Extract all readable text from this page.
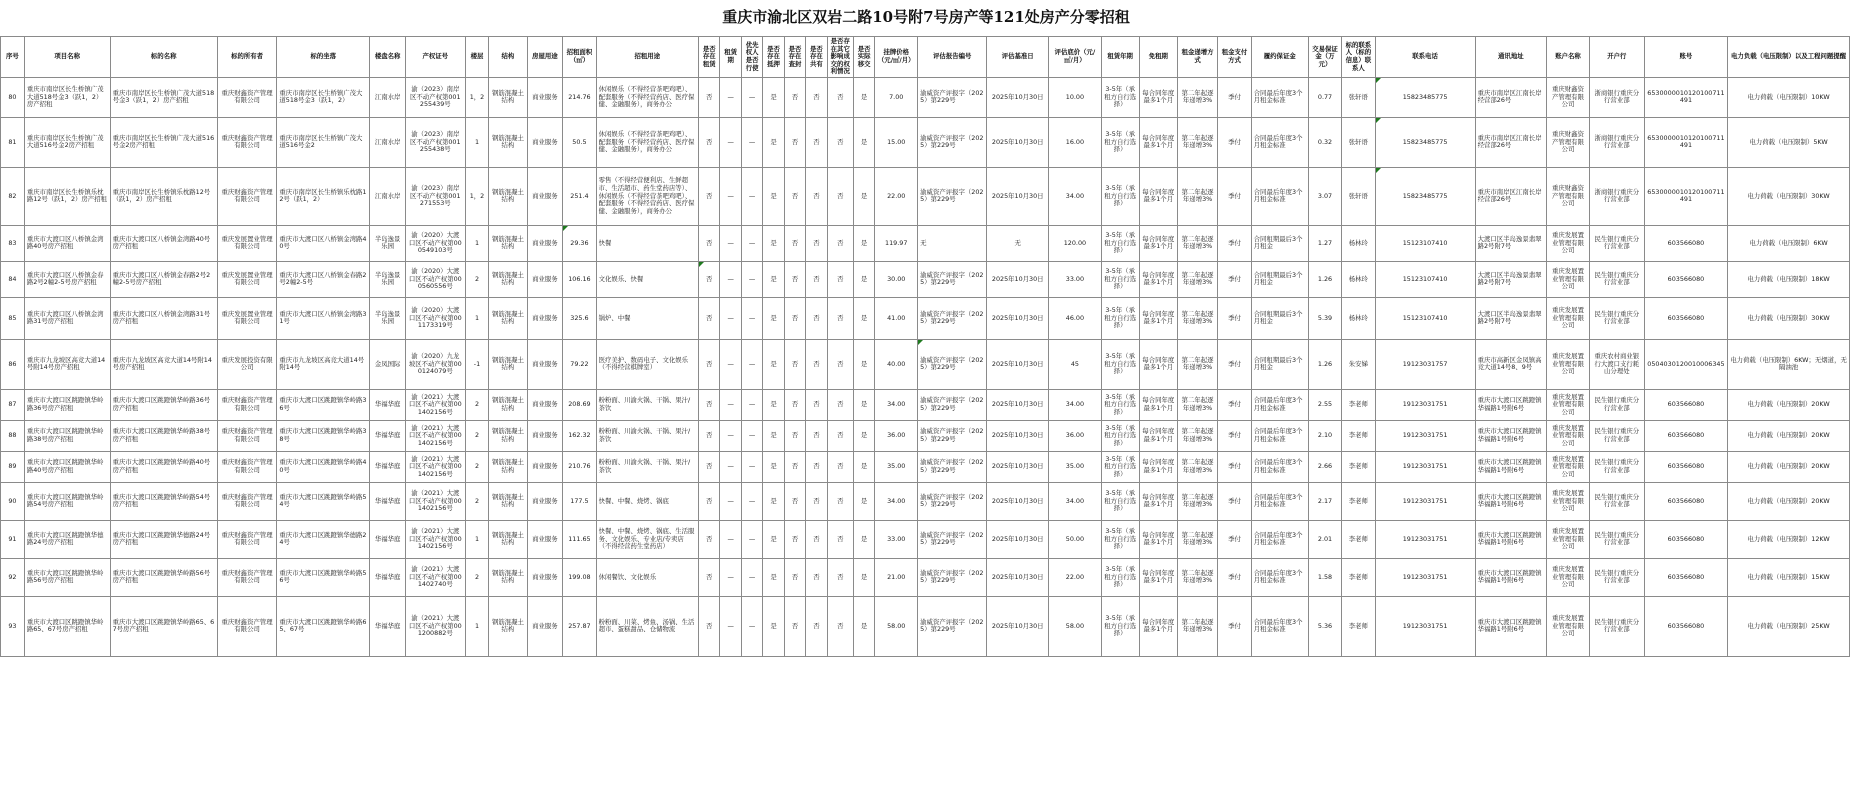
重庆市渝北区双岩二路10号附7号房产等121处房产分零招租
序号	项目名称	标的名称	标的所有者	标的坐落	楼盘名称	产权证号	楼层	结构	房屋用途	招租面积（㎡）	招租用途	是否存在租赁	租赁期	优先权人是否行使	是否存在抵押	是否存在查封	是否存在共有	是否存在其它影响成交的权利情况	是否实际移交	挂牌价格（元/㎡/月）	评估报告编号	评估基准日	评估底价（元/㎡/月）	租赁年期	免租期	租金递增方式	租金支付方式	履约保证金	交易保证金（万元）	标的联系人（标的信息）联系人	联系电话	通讯地址	账户名称	开户行	账号	电力负载（电压限制）以及工程问题提醒
80	重庆市南岸区长生桥镇广茂大道518号金3（跃1，2）房产招租	重庆市南岸区长生桥镇广茂大道518号金3（跃1，2）房产招租	重庆财鑫资产管理有限公司	重庆市南岸区长生桥镇广茂大道518号金3（跃1，2）	江南水岸	渝（2023）南岸区不动产权第001255439号	1，2	钢筋混凝土结构	商业服务	214.76	休闲娱乐（不得经营茶吧鸡吧）、配套服务（不得经营药店、医疗保健、金融服务），商务办公	否	—	—	是	否	否	否	是	7.00	渝威资产评报字（2025）第229号	2025年10月30日	10.00	3-5年（承租方自行选择）	每合同年度最多1个月	第二年起逐年递增3%	季付	合同最后年度3个月租金标准	0.77	张轩语	15823485775	重庆市南岸区江南长岸经营部26号	重庆财鑫资产管理有限公司	浙商银行重庆分行营业部	6530000010120100711491	电力荷载（电压限制）10KW
81	重庆市南岸区长生桥镇广茂大道516号金2房产招租	重庆市南岸区长生桥镇广茂大道516号金2房产招租	重庆财鑫资产管理有限公司	重庆市南岸区长生桥镇广茂大道516号金2	江南水岸	渝（2023）南岸区不动产权第001255438号	1	钢筋混凝土结构	商业服务	50.5	休闲娱乐（不得经营茶吧鸡吧）、配套服务（不得经营药店、医疗保健、金融服务），商务办公	否	—	—	是	否	否	否	是	15.00	渝威资产评报字（2025）第229号	2025年10月30日	16.00	3-5年（承租方自行选择）	每合同年度最多1个月	第二年起逐年递增3%	季付	合同最后年度3个月租金标准	0.32	张轩语	15823485775	重庆市南岸区江南长岸经营部26号	重庆财鑫资产管理有限公司	浙商银行重庆分行营业部	6530000010120100711491	电力荷载（电压限制）5KW
82	重庆市南岸区长生桥镇乐枕路12号（跃1，2）房产招租	重庆市南岸区长生桥镇乐枕路12号（跃1，2）房产招租	重庆财鑫资产管理有限公司	重庆市南岸区长生桥镇乐枕路12号（跃1，2）	江南水岸	渝（2023）南岸区不动产权第001271553号	1，2	钢筋混凝土结构	商业服务	251.4	零售（不得经营便利店、生鲜超市、生活超市、药生堂药店等）、休闲娱乐（不得经营茶吧鸡吧）、配套服务（不得经营药店、医疗保健、金融服务），商务办公	否	—	—	是	否	否	否	是	22.00	渝威资产评报字（2025）第229号	2025年10月30日	34.00	3-5年（承租方自行选择）	每合同年度最多1个月	第二年起逐年递增3%	季付	合同最后年度3个月租金标准	3.07	张轩语	15823485775	重庆市南岸区江南长岸经营部26号	重庆财鑫资产管理有限公司	浙商银行重庆分行营业部	6530000010120100711491	电力荷载（电压限制）30KW
83	重庆市大渡口区八桥镇金湾路40号房产招租	重庆市大渡口区八桥镇金湾路40号房产招租	重庆发展置业管理有限公司	重庆市大渡口区八桥镇金湾路40号	半岛逸景乐园	渝（2020）大渡口区不动产权第000549103号	1	钢筋混凝土结构	商业服务	29.36	快餐	否	—	—	是	否	否	否	是	119.97	无	无	120.00	3-5年（承租方自行选择）	每合同年度最多1个月	第二年起逐年递增3%	季付	合同租期最后3个月租金	1.27	杨林玲	15123107410	大渡口区半岛逸景翡翠路2号附7号	重庆发展置业管理有限公司	民生银行重庆分行营业部	603566080	电力荷载（电压限制）6KW
84	重庆市大渡口区八桥镇金春路2号2幢2-5号房产招租	重庆市大渡口区八桥镇金春路2号2幢2-5号房产招租	重庆发展置业管理有限公司	重庆市大渡口区八桥镇金春路2号2幢2-5号	半岛逸景乐园	渝（2020）大渡口区不动产权第000560556号	2	钢筋混凝土结构	商业服务	106.16	文化娱乐、快餐	否	—	—	是	否	否	否	是	30.00	渝威资产评报字（2025）第229号	2025年10月30日	33.00	3-5年（承租方自行选择）	每合同年度最多1个月	第二年起逐年递增3%	季付	合同租期最后3个月租金	1.26	杨林玲	15123107410	大渡口区半岛逸景翡翠路2号附7号	重庆发展置业管理有限公司	民生银行重庆分行营业部	603566080	电力荷载（电压限制）18KW
85	重庆市大渡口区八桥镇金湾路31号房产招租	重庆市大渡口区八桥镇金湾路31号房产招租	重庆发展置业管理有限公司	重庆市大渡口区八桥镇金湾路31号	半岛逸景乐园	渝（2020）大渡口区不动产权第001173319号	1	钢筋混凝土结构	商业服务	325.6	锅炉、中餐	否	—	—	是	否	否	否	是	41.00	渝威资产评报字（2025）第229号	2025年10月30日	46.00	3-5年（承租方自行选择）	每合同年度最多1个月	第二年起逐年递增3%	季付	合同租期最后3个月租金	5.39	杨林玲	15123107410	大渡口区半岛逸景翡翠路2号附7号	重庆发展置业管理有限公司	民生银行重庆分行营业部	603566080	电力荷载（电压限制）30KW
86	重庆市九龙坡区高竞大道14号附14号房产招租	重庆市九龙坡区高竞大道14号附14号房产招租	重庆发展投资有限公司	重庆市九龙坡区高竞大道14号附14号	金凤国际	渝（2020）九龙坡区不动产权第000124079号	-1	钢筋混凝土结构	商业服务	79.22	医疗美护、数码电子、文化娱乐（不得经营棋牌室）	否	—	—	是	否	否	否	是	40.00	渝威资产评报字（2025）第229号	2025年10月30日	45	3-5年（承租方自行选择）	每合同年度最多1个月	第二年起逐年递增3%	季付	合同租期最后3个月租金	1.26	朱安娣	19123031757	重庆市高新区金凤镇高竞大道14号8、9号	重庆发展置业管理有限公司	重庆农村商业银行大渡口支行耗山分理处	0504030120010006345	电力荷载（电压限制）6KW；无烟道，无隔油池
87	重庆市大渡口区跳蹬镇华岭路36号房产招租	重庆市大渡口区跳蹬镇华岭路36号房产招租	重庆财鑫资产管理有限公司	重庆市大渡口区跳蹬镇华岭路36号	华福华庭	渝（2021）大渡口区不动产权第001402156号	2	钢筋混凝土结构	商业服务	208.69	粉粉面、川渝火锅、干锅、果汁/茶饮	否	—	—	是	否	否	否	是	34.00	渝威资产评报字（2025）第229号	2025年10月30日	34.00	3-5年（承租方自行选择）	每合同年度最多1个月	第二年起逐年递增3%	季付	合同最后年度3个月租金标准	2.55	李老师	19123031751	重庆市大渡口区跳蹬镇华福路1号附6号	重庆发展置业管理有限公司	民生银行重庆分行营业部	603566080	电力荷载（电压限制）20KW
88	重庆市大渡口区跳蹬镇华岭路38号房产招租	重庆市大渡口区跳蹬镇华岭路38号房产招租	重庆财鑫资产管理有限公司	重庆市大渡口区跳蹬镇华岭路38号	华福华庭	渝（2021）大渡口区不动产权第001402156号	2	钢筋混凝土结构	商业服务	162.32	粉粉面、川渝火锅、干锅、果汁/茶饮	否	—	—	是	否	否	否	是	36.00	渝威资产评报字（2025）第229号	2025年10月30日	36.00	3-5年（承租方自行选择）	每合同年度最多1个月	第二年起逐年递增3%	季付	合同最后年度3个月租金标准	2.10	李老师	19123031751	重庆市大渡口区跳蹬镇华福路1号附6号	重庆发展置业管理有限公司	民生银行重庆分行营业部	603566080	电力荷载（电压限制）20KW
89	重庆市大渡口区跳蹬镇华岭路40号房产招租	重庆市大渡口区跳蹬镇华岭路40号房产招租	重庆财鑫资产管理有限公司	重庆市大渡口区跳蹬镇华岭路40号	华福华庭	渝（2021）大渡口区不动产权第001402156号	2	钢筋混凝土结构	商业服务	210.76	粉粉面、川渝火锅、干锅、果汁/茶饮	否	—	—	是	否	否	否	是	35.00	渝威资产评报字（2025）第229号	2025年10月30日	35.00	3-5年（承租方自行选择）	每合同年度最多1个月	第二年起逐年递增3%	季付	合同最后年度3个月租金标准	2.66	李老师	19123031751	重庆市大渡口区跳蹬镇华福路1号附6号	重庆发展置业管理有限公司	民生银行重庆分行营业部	603566080	电力荷载（电压限制）20KW
90	重庆市大渡口区跳蹬镇华岭路54号房产招租	重庆市大渡口区跳蹬镇华岭路54号房产招租	重庆财鑫资产管理有限公司	重庆市大渡口区跳蹬镇华岭路54号	华福华庭	渝（2021）大渡口区不动产权第001402156号	2	钢筋混凝土结构	商业服务	177.5	快餐、中餐、烧烤、锅底	否	—	—	是	否	否	否	是	34.00	渝威资产评报字（2025）第229号	2025年10月30日	34.00	3-5年（承租方自行选择）	每合同年度最多1个月	第二年起逐年递增3%	季付	合同最后年度3个月租金标准	2.17	李老师	19123031751	重庆市大渡口区跳蹬镇华福路1号附6号	重庆发展置业管理有限公司	民生银行重庆分行营业部	603566080	电力荷载（电压限制）20KW
91	重庆市大渡口区跳蹬镇华德路24号房产招租	重庆市大渡口区跳蹬镇华德路24号房产招租	重庆财鑫资产管理有限公司	重庆市大渡口区跳蹬镇华德路24号	华福华庭	渝（2021）大渡口区不动产权第001402156号	1	钢筋混凝土结构	商业服务	111.65	快餐、中餐、烧烤、锅底、生活服务、文化娱乐、专业店/专卖店（不得经营药生堂药店）	否	—	—	是	否	否	否	是	33.00	渝威资产评报字（2025）第229号	2025年10月30日	50.00	3-5年（承租方自行选择）	每合同年度最多1个月	第二年起逐年递增3%	季付	合同最后年度3个月租金标准	2.01	李老师	19123031751	重庆市大渡口区跳蹬镇华福路1号附6号	重庆发展置业管理有限公司	民生银行重庆分行营业部	603566080	电力荷载（电压限制）12KW
92	重庆市大渡口区跳蹬镇华岭路56号房产招租	重庆市大渡口区跳蹬镇华岭路56号房产招租	重庆财鑫资产管理有限公司	重庆市大渡口区跳蹬镇华岭路56号	华福华庭	渝（2021）大渡口区不动产权第001402740号	2	钢筋混凝土结构	商业服务	199.08	休闲餐饮、文化娱乐	否	—	—	是	否	否	否	是	21.00	渝威资产评报字（2025）第229号	2025年10月30日	22.00	3-5年（承租方自行选择）	每合同年度最多1个月	第二年起逐年递增3%	季付	合同最后年度3个月租金标准	1.58	李老师	19123031751	重庆市大渡口区跳蹬镇华福路1号附6号	重庆发展置业管理有限公司	民生银行重庆分行营业部	603566080	电力荷载（电压限制）15KW
93	重庆市大渡口区跳蹬镇华岭路65、67号房产招租	重庆市大渡口区跳蹬镇华岭路65、67号房产招租	重庆财鑫资产管理有限公司	重庆市大渡口区跳蹬镇华岭路65、67号	华福华庭	渝（2021）大渡口区不动产权第001200882号	1	钢筋混凝土结构	商业服务	257.87	粉粉面、川菜、烤鱼、汤锅、生活超市、蛋糕甜品、仓储物流	否	—	—	是	否	否	否	是	58.00	渝威资产评报字（2025）第229号	2025年10月30日	58.00	3-5年（承租方自行选择）	每合同年度最多1个月	第二年起逐年递增3%	季付	合同最后年度3个月租金标准	5.36	李老师	19123031751	重庆市大渡口区跳蹬镇华福路1号附6号	重庆发展置业管理有限公司	民生银行重庆分行营业部	603566080	电力荷载（电压限制）25KW
